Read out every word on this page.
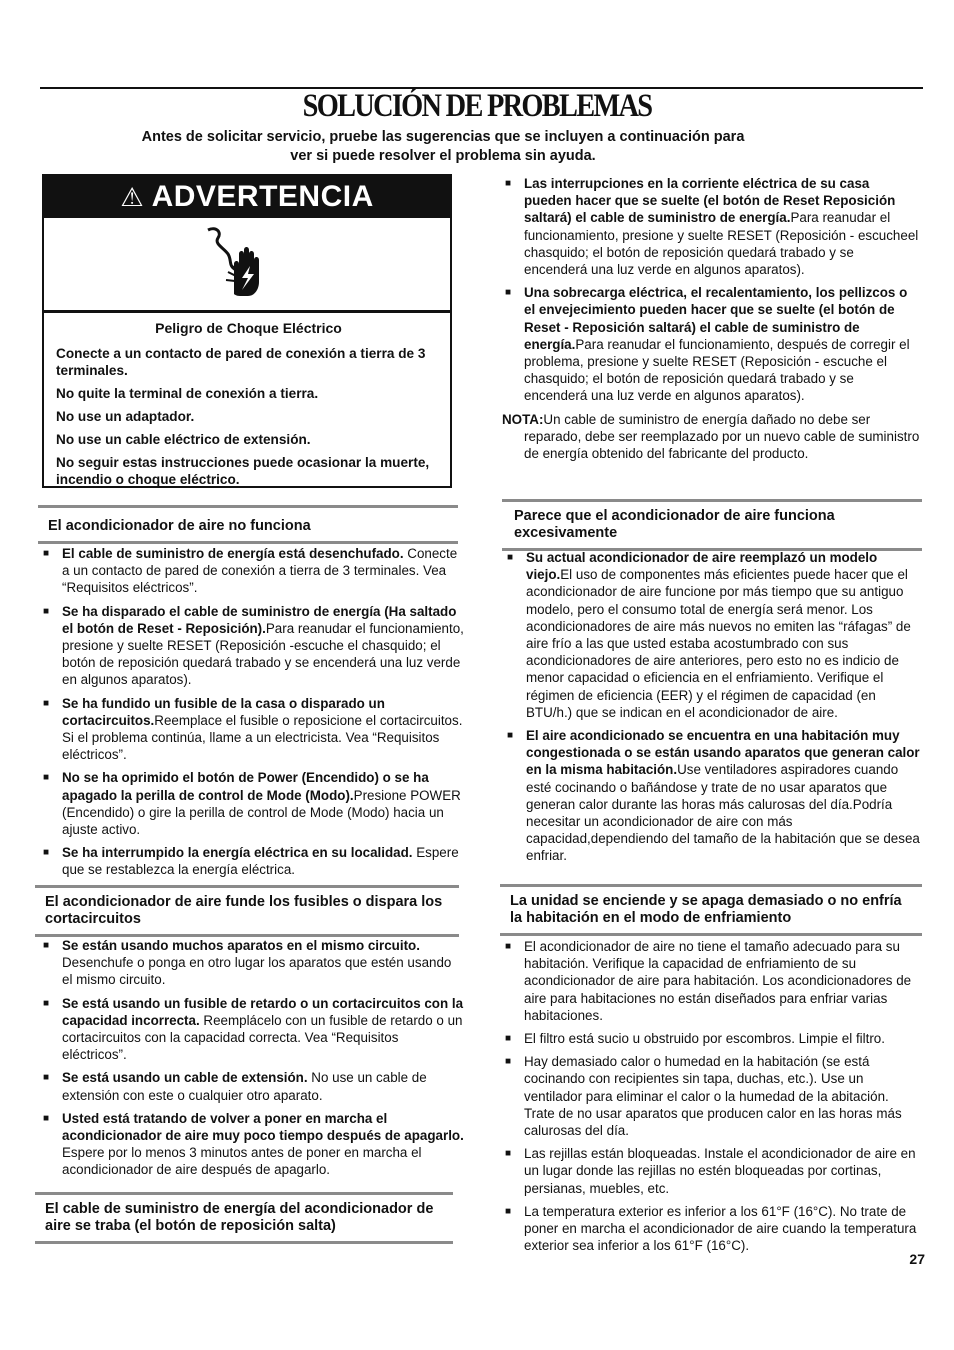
SOLUCIÓN DE PROBLEMAS
Antes de solicitar servicio, pruebe las sugerencias que se incluyen a continuación para
ver si puede resolver el problema sin ayuda.
⚠ ADVERTENCIA
Peligro de Choque Eléctrico

Conecte a un contacto de pared de conexión a tierra de 3 terminales.

No quite la terminal de conexión a tierra.

No use un adaptador.

No use un cable eléctrico de extensión.

No seguir estas instrucciones puede ocasionar la muerte, incendio o choque eléctrico.

El acondicionador de aire no funciona
■ El cable de suministro de energía está desenchufado. Conecte a un contacto de pared de conexión a tierra de 3 terminales. Vea “Requisitos eléctricos”.
■ Se ha disparado el cable de suministro de energía (Ha saltado el botón de Reset - Reposición).Para reanudar el funcionamiento, presione y suelte RESET (Reposición -escuche el chasquido; el botón de reposición quedará trabado y se encenderá una luz verde en algunos aparatos).
■ Se ha fundido un fusible de la casa o disparado un cortacircuitos.Reemplace el fusible o reposicione el cortacircuitos. Si el problema continúa, llame a un electricista. Vea “Requisitos eléctricos”.
■ No se ha oprimido el botón de Power (Encendido) o se ha apagado la perilla de control de Mode (Modo).Presione POWER (Encendido) o gire la perilla de control de Mode (Modo) hacia un ajuste activo.
■ Se ha interrumpido la energía eléctrica en su localidad. Espere que se restablezca la energía eléctrica.
El acondicionador de aire funde los fusibles o dispara los cortacircuitos
■ Se están usando muchos aparatos en el mismo circuito. Desenchufe o ponga en otro lugar los aparatos que estén usando el mismo circuito.
■ Se está usando un fusible de retardo o un cortacircuitos con la capacidad incorrecta. Reemplácelo con un fusible de retardo o un cortacircuitos con la capacidad correcta. Vea “Requisitos eléctricos”.
■ Se está usando un cable de extensión. No use un cable de extensión con este o cualquier otro aparato.
■ Usted está tratando de volver a poner en marcha el acondicionador de aire muy poco tiempo después de apagarlo. Espere por lo menos 3 minutos antes de poner en marcha el acondicionador de aire después de apagarlo.
El cable de suministro de energía del acondicionador de aire se traba (el botón de reposición salta)
■ Las interrupciones en la corriente eléctrica de su casa pueden hacer que se suelte (el botón de Reset Reposición saltará) el cable de suministro de energía.Para reanudar el funcionamiento, presione y suelte RESET (Reposición - escucheel chasquido; el botón de reposición quedará trabado y se encenderá una luz verde en algunos aparatos).
■ Una sobrecarga eléctrica, el recalentamiento, los pellizcos o el envejecimiento pueden hacer que se suelte (el botón de Reset - Reposición saltará) el cable de suministro de energía.Para reanudar el funcionamiento, después de corregir el problema, presione y suelte RESET (Reposición - escuche el chasquido; el botón de reposición quedará trabado y se encenderá una luz verde en algunos aparatos).
NOTA:Un cable de suministro de energía dañado no debe ser reparado, debe ser reemplazado por un nuevo cable de suministro de energía obtenido del fabricante del producto.
Parece que el acondicionador de aire funciona excesivamente
■ Su actual acondicionador de aire reemplazó un modelo viejo.El uso de componentes más eficientes puede hacer que el acondicionador de aire funcione por más tiempo que su antiguo modelo, pero el consumo total de energía será menor. Los acondicionadores de aire más nuevos no emiten las “ráfagas” de aire frío a las que usted estaba acostumbrado con sus acondicionadores de aire anteriores, pero esto no es indicio de menor capacidad o eficiencia en el enfriamiento. Verifique el régimen de eficiencia (EER) y el régimen de capacidad (en BTU/h.) que se indican en el acondicionador de aire.
■ El aire acondicionado se encuentra en una habitación muy congestionada o se están usando aparatos que generan calor en la misma habitación.Use ventiladores aspiradores cuando esté cocinando o bañándose y trate de no usar aparatos que generan calor durante las horas más calurosas del día.Podría necesitar un acondicionador de aire con más capacidad,dependiendo del tamaño de la habitación que se desea enfriar.
La unidad se enciende y se apaga demasiado o no enfría la habitación en el modo de enfriamiento
■ El acondicionador de aire no tiene el tamaño adecuado para su habitación. Verifique la capacidad de enfriamiento de su acondicionador de aire para habitación. Los acondicionadores de aire para habitaciones no están diseñados para enfriar varias habitaciones.
■ El filtro está sucio u obstruido por escombros. Limpie el filtro.
■ Hay demasiado calor o humedad en la habitación (se está cocinando con recipientes sin tapa, duchas, etc.). Use un ventilador para eliminar el calor o la humedad de la abitación. Trate de no usar aparatos que producen calor en las horas más calurosas del día.
■ Las rejillas están bloqueadas. Instale el acondicionador de aire en un lugar donde las rejillas no estén bloqueadas por cortinas, persianas, muebles, etc.
■ La temperatura exterior es inferior a los 61°F (16°C). No trate de poner en marcha el acondicionador de aire cuando la temperatura exterior sea inferior a los 61°F (16°C).
27
